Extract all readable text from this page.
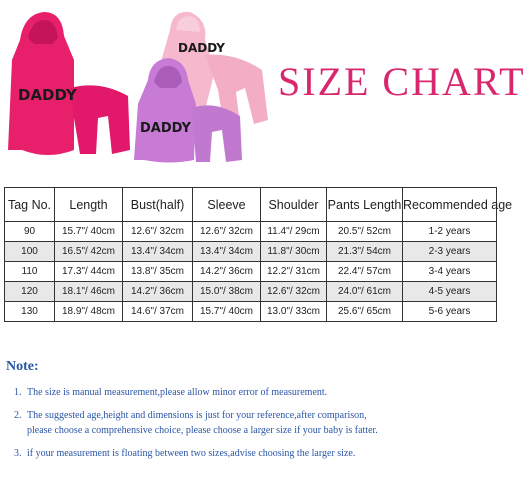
DADDY
DADDY
DADDY
SIZE CHART
Tag No.	Length	Bust(half)	Sleeve	Shoulder	Pants Length	Recommended age
90	15.7"/ 40cm	12.6"/ 32cm	12.6"/ 32cm	11.4"/ 29cm	20.5"/ 52cm	1-2 years
100	16.5"/ 42cm	13.4"/ 34cm	13.4"/ 34cm	11.8"/ 30cm	21.3"/ 54cm	2-3 years
110	17.3"/ 44cm	13.8"/ 35cm	14.2"/ 36cm	12.2"/ 31cm	22.4"/ 57cm	3-4 years
120	18.1"/ 46cm	14.2"/ 36cm	15.0"/ 38cm	12.6"/ 32cm	24.0"/ 61cm	4-5 years
130	18.9"/ 48cm	14.6"/ 37cm	15.7"/ 40cm	13.0"/ 33cm	25.6"/ 65cm	5-6 years
Note:
1. The size is manual measurement,please allow minor error of measurement.
2. The suggested age,height and dimensions is just for your reference,after comparison,
please choose a comprehensive choice, please choose a larger size if your baby is fatter.
3. if your measurement is floating between two sizes,advise choosing the larger size.
